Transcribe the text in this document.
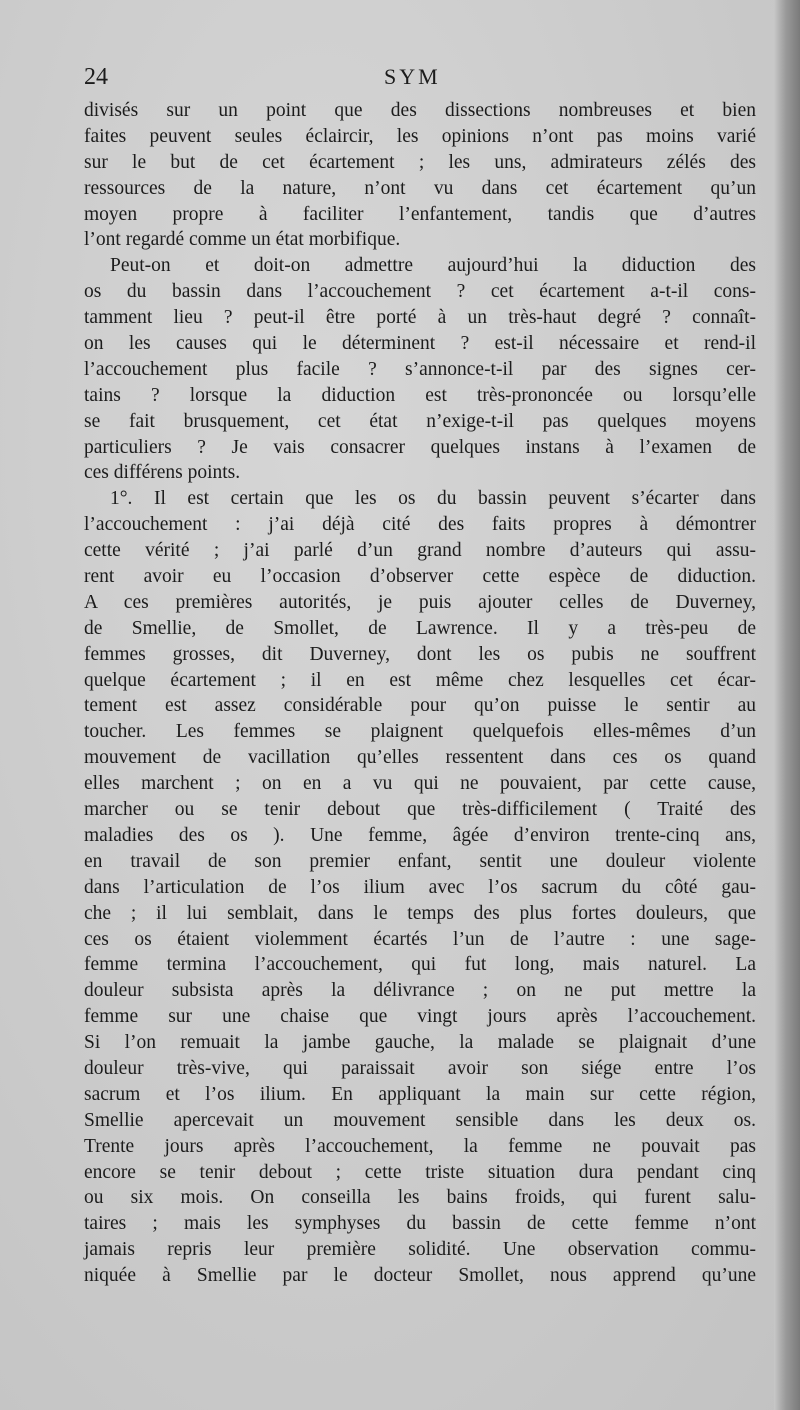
24	SYM
divisés sur un point que des dissections nombreuses et bien
faites peuvent seules éclaircir, les opinions n’ont pas moins varié
sur le but de cet écartement ; les uns, admirateurs zélés des
ressources de la nature, n’ont vu dans cet écartement qu’un
moyen propre à faciliter l’enfantement, tandis que d’autres
l’ont regardé comme un état morbifique.
Peut-on et doit-on admettre aujourd’hui la diduction des
os du bassin dans l’accouchement ? cet écartement a-t-il cons-
tamment lieu ? peut-il être porté à un très-haut degré ? connaît-
on les causes qui le déterminent ? est-il nécessaire et rend-il
l’accouchement plus facile ? s’annonce-t-il par des signes cer-
tains ? lorsque la diduction est très-prononcée ou lorsqu’elle
se fait brusquement, cet état n’exige-t-il pas quelques moyens
particuliers ? Je vais consacrer quelques instans à l’examen de
ces différens points.
1°. Il est certain que les os du bassin peuvent s’écarter dans
l’accouchement : j’ai déjà cité des faits propres à démontrer
cette vérité ; j’ai parlé d’un grand nombre d’auteurs qui assu-
rent avoir eu l’occasion d’observer cette espèce de diduction.
A ces premières autorités, je puis ajouter celles de Duverney,
de Smellie, de Smollet, de Lawrence. Il y a très-peu de
femmes grosses, dit Duverney, dont les os pubis ne souffrent
quelque écartement ; il en est même chez lesquelles cet écar-
tement est assez considérable pour qu’on puisse le sentir au
toucher. Les femmes se plaignent quelquefois elles-mêmes d’un
mouvement de vacillation qu’elles ressentent dans ces os quand
elles marchent ; on en a vu qui ne pouvaient, par cette cause,
marcher ou se tenir debout que très-difficilement ( Traité des
maladies des os ). Une femme, âgée d’environ trente-cinq ans,
en travail de son premier enfant, sentit une douleur violente
dans l’articulation de l’os ilium avec l’os sacrum du côté gau-
che ; il lui semblait, dans le temps des plus fortes douleurs, que
ces os étaient violemment écartés l’un de l’autre : une sage-
femme termina l’accouchement, qui fut long, mais naturel. La
douleur subsista après la délivrance ; on ne put mettre la
femme sur une chaise que vingt jours après l’accouchement.
Si l’on remuait la jambe gauche, la malade se plaignait d’une
douleur très-vive, qui paraissait avoir son siége entre l’os
sacrum et l’os ilium. En appliquant la main sur cette région,
Smellie apercevait un mouvement sensible dans les deux os.
Trente jours après l’accouchement, la femme ne pouvait pas
encore se tenir debout ; cette triste situation dura pendant cinq
ou six mois. On conseilla les bains froids, qui furent salu-
taires ; mais les symphyses du bassin de cette femme n’ont
jamais repris leur première solidité. Une observation commu-
niquée à Smellie par le docteur Smollet, nous apprend qu’une
